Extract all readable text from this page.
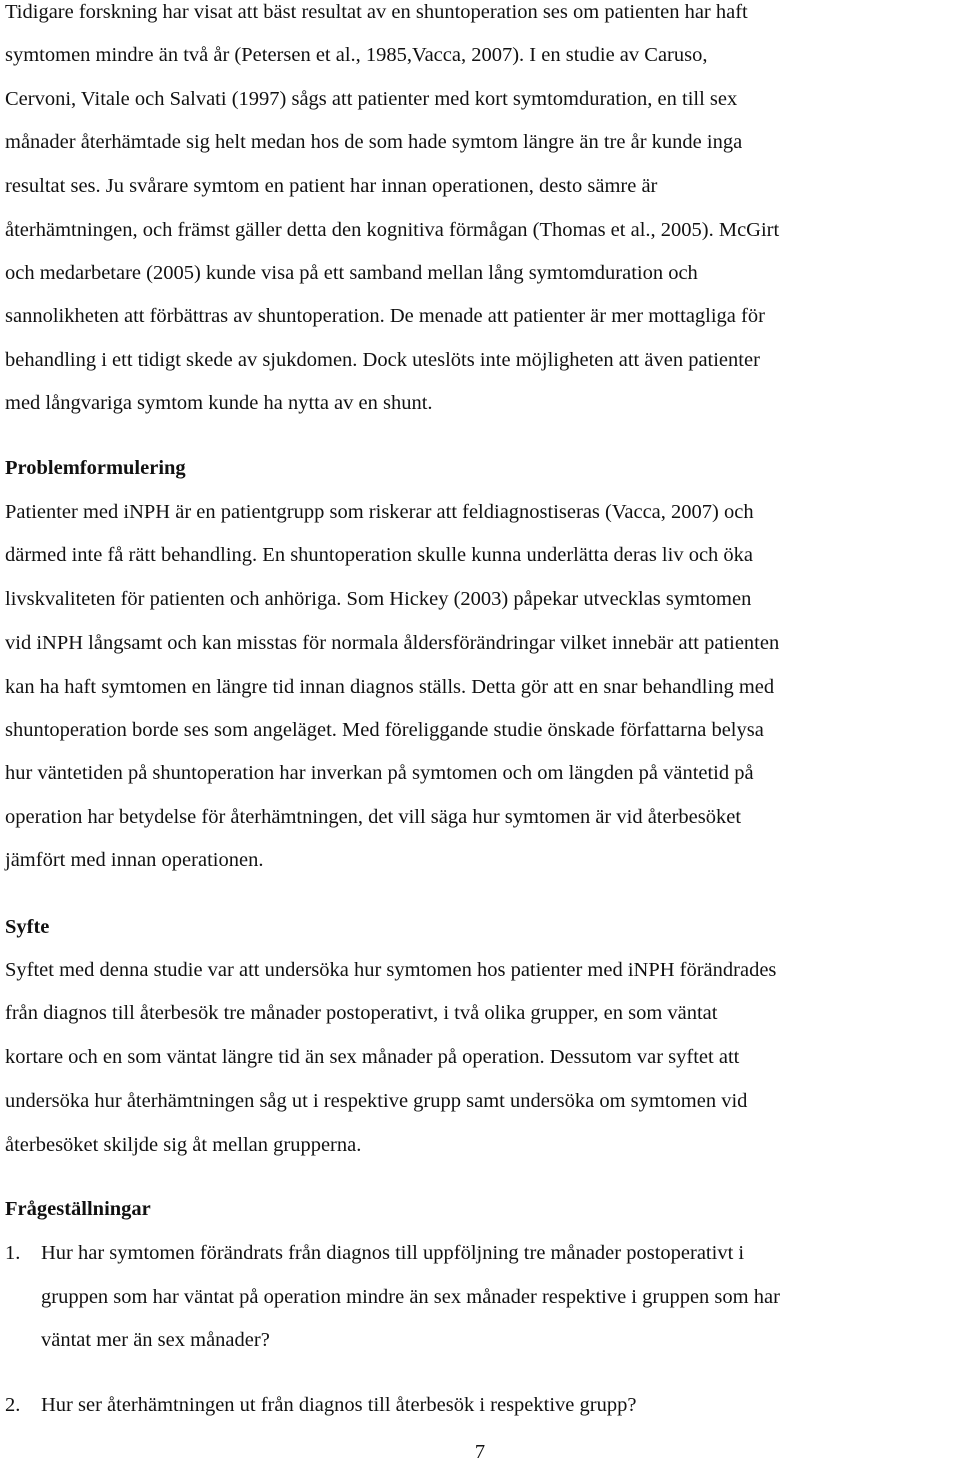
Tidigare forskning har visat att bäst resultat av en shuntoperation ses om patienten har haft
symtomen mindre än två år (Petersen et al., 1985,Vacca, 2007). I en studie av Caruso,
Cervoni, Vitale och Salvati (1997) sågs att patienter med kort symtomduration, en till sex
månader återhämtade sig helt medan hos de som hade symtom längre än tre år kunde inga
resultat ses. Ju svårare symtom en patient har innan operationen, desto sämre är
återhämtningen, och främst gäller detta den kognitiva förmågan (Thomas et al., 2005). McGirt
och medarbetare (2005) kunde visa på ett samband mellan lång symtomduration och
sannolikheten att förbättras av shuntoperation. De menade att patienter är mer mottagliga för
behandling i ett tidigt skede av sjukdomen. Dock uteslöts inte möjligheten att även patienter
med långvariga symtom kunde ha nytta av en shunt.
Problemformulering
Patienter med iNPH är en patientgrupp som riskerar att feldiagnostiseras (Vacca, 2007) och
därmed inte få rätt behandling. En shuntoperation skulle kunna underlätta deras liv och öka
livskvaliteten för patienten och anhöriga. Som Hickey (2003) påpekar utvecklas symtomen
vid iNPH långsamt och kan misstas för normala åldersförändringar vilket innebär att patienten
kan ha haft symtomen en längre tid innan diagnos ställs. Detta gör att en snar behandling med
shuntoperation borde ses som angeläget. Med föreliggande studie önskade författarna belysa
hur väntetiden på shuntoperation har inverkan på symtomen och om längden på väntetid på
operation har betydelse för återhämtningen, det vill säga hur symtomen är vid återbesöket
jämfört med innan operationen.
Syfte
Syftet med denna studie var att undersöka hur symtomen hos patienter med iNPH förändrades
från diagnos till återbesök tre månader postoperativt, i två olika grupper, en som väntat
kortare och en som väntat längre tid än sex månader på operation. Dessutom var syftet att
undersöka hur återhämtningen såg ut i respektive grupp samt undersöka om symtomen vid
återbesöket skiljde sig åt mellan grupperna.
Frågeställningar
1. Hur har symtomen förändrats från diagnos till uppföljning tre månader postoperativt i
gruppen som har väntat på operation mindre än sex månader respektive i gruppen som har
väntat mer än sex månader?
2. Hur ser återhämtningen ut från diagnos till återbesök i respektive grupp?
7
